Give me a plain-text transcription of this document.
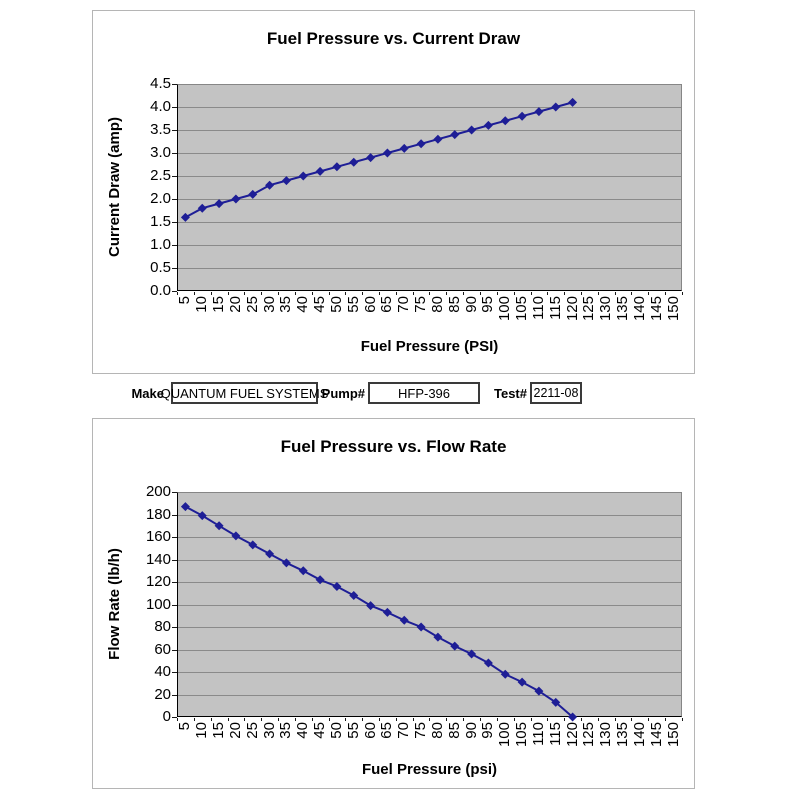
Fuel Pressure vs. Current Draw
Current Draw (amp)
Fuel Pressure (PSI)
4.5
4.0
3.5
3.0
2.5
2.0
1.5
1.0
0.5
0.0
5 10 15 20 25 30 35 40 45 50 55 60 65 70 75 80 85 90 95 100 105 110 115 120 125 130 135 140 145 150
Make
QUANTUM FUEL SYSTEMS
Pump#	HFP-396	Test# 2211-08
Fuel Pressure vs. Flow Rate
Flow Rate (lb/h)
Fuel Pressure (psi)
200
180
160
140
120
100
80
60
40
20
0
5 10 15 20 25 30 35 40 45 50 55 60 65 70 75 80 85 90 95 100 105 110 115 120 125 130 135 140 145 150
